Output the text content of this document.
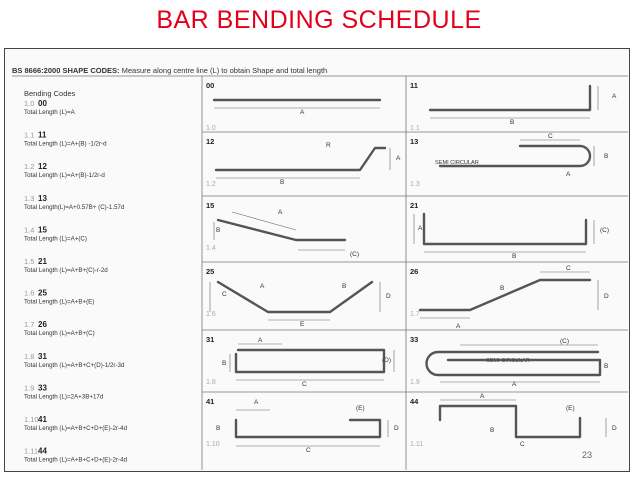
BAR BENDING SCHEDULE
BS 8666:2000 SHAPE CODES: Measure along centre line (L) to obtain Shape and total length
Bending Codes
1.0 00
Total Length (L)=A
1.1 11
Total Length (L)=A+(B) -1/2r-d
1.2 12
Total Length (L)=A+(B)-1/2r-d
1.3 13
Total Length(L)=A+0.57B+ (C)-1.57d
1.4 15
Total Length (L)=A+(C)
1.5 21
Total Length (L)=A+B+(C)-r-2d
1.6 25
Total Length (L)=A+B+(E)
1.7 26
Total Length (L)=A+B+(C)
1.8 31
Total Length (L)=A+B+C+(D)-1/2r-3d
1.9 33
Total Length (L)=2A+3B+17d
1.10 41
Total Length (L)=A+B+C+D+(E)-2r-4d
1.11 44
Total Length (L)=A+B+C+D+(E)-2r-4d
00
1.0
A
11
1.1
A
B
12
1.2
R
A
B
13
1.3
C
SEMI CIRCULAR
B
A
15
1.4
A
B
(C)
21
A	(C)
B
25
1.6
C
A	B
D
E
26
1.7
C
B
D
A
31
1.8
A
B	(D)
C
33
1.9
(C)
SEMI CIRCULAR
B
A
41
1.10
A
(E)
B	D
C
44
1.11
A
(E)
B	D
C
23
